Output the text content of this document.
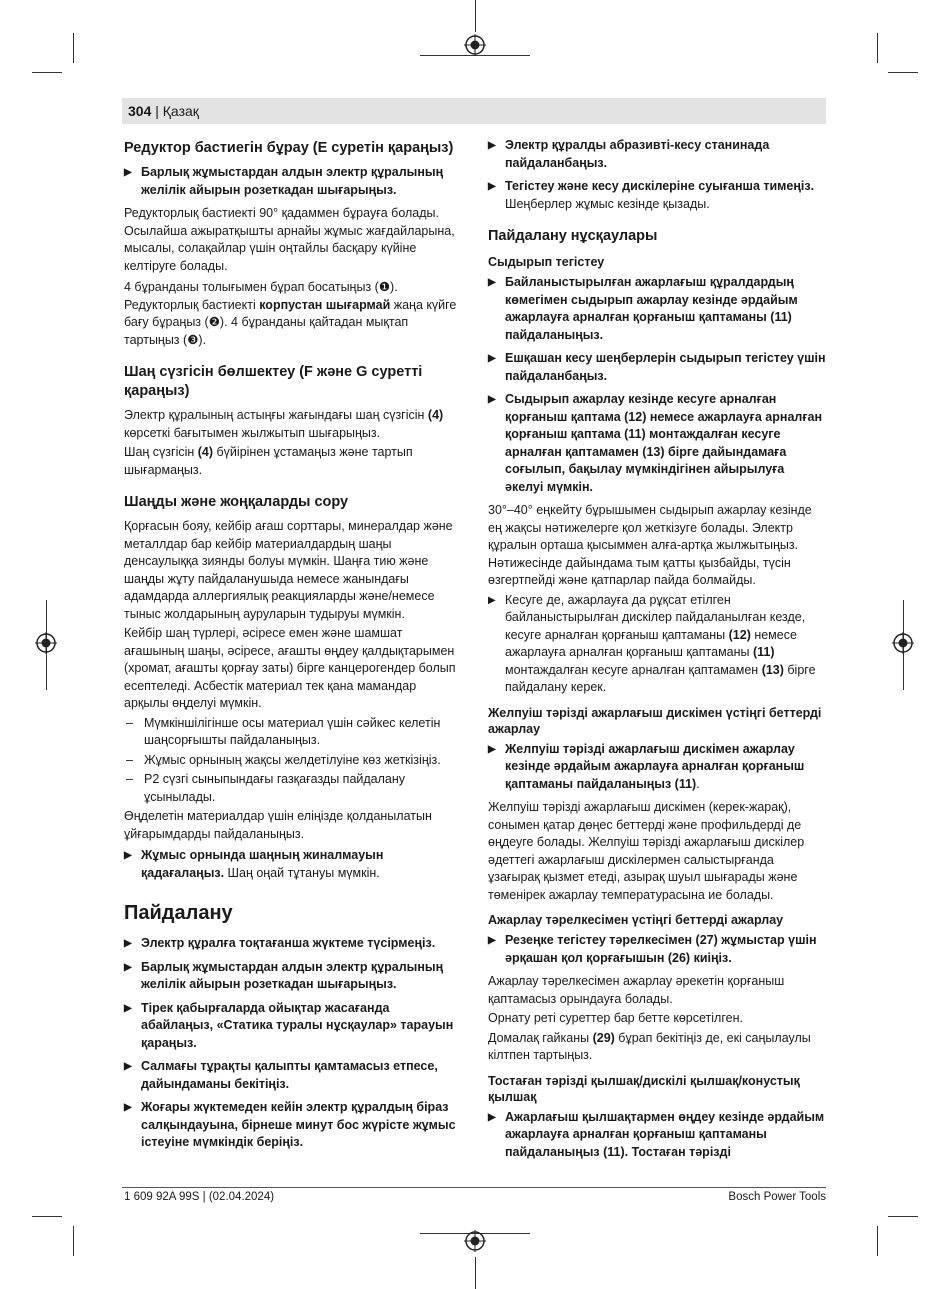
304 | Қазақ
Редуктор бастиегін бұрау (E суретін қараңыз)
▶ Барлық жұмыстардан алдын электр құралының желілік айырын розеткадан шығарыңыз.
Редукторлық бастиекті 90° қадаммен бұрауға болады. Осылайша ажыратқышты арнайы жұмыс жағдайларына, мысалы, солақайлар үшін оңтайлы басқару күйіне келтіруге болады.
4 бұранданы толығымен бұрап босатыңыз (❶). Редукторлық бастиекті корпустан шығармай жаңа күйге бағу бұраңыз (❷). 4 бұранданы қайтадан мықтап тартыңыз (❸).
Шаң сүзгісін бөлшектеу (F және G суретті қараңыз)
Электр құралының астыңғы жағындағы шаң сүзгісін (4) көрсеткі бағытымен жылжытып шығарыңыз.
Шаң сүзгісін (4) бүйірінен ұстамаңыз және тартып шығармаңыз.
Шаңды және жоңқаларды сору
Қорғасын бояу, кейбір ағаш сорттары, минералдар және металлдар бар кейбір материалдардың шаңы денсаулыққа зиянды болуы мүмкін. Шаңға тию және шаңды жұту пайдаланушыда немесе жанындағы адамдарда аллергиялық реакцияларды және/немесе тыныс жолдарының ауруларын тудыруы мүмкін.
Кейбір шаң түрлері, әсіресе емен және шамшат ағашының шаңы, әсіресе, ағашты өңдеу қалдықтарымен (хромат, ағашты қорғау заты) бірге канцерогендер болып есептеледі. Асбестік материал тек қана мамандар арқылы өңделуі мүмкін.
– Мүмкіншілігінше осы материал үшін сәйкес келетін шаңсорғышты пайдаланыңыз.
– Жұмыс орнының жақсы желдетілуіне көз жеткізіңіз.
– P2 сүзгі сыныпындағы газқағазды пайдалану ұсынылады.
Өңделетін материалдар үшін еліңізде қолданылатын ұйғарымдарды пайдаланыңыз.
▶ Жұмыс орнында шаңның жиналмауын қадағалаңыз. Шаң оңай тұтануы мүмкін.
Пайдалану
▶ Электр құралға тоқтағанша жүктеме түсірмеңіз.
▶ Барлық жұмыстардан алдын электр құралының желілік айырын розеткадан шығарыңыз.
▶ Тірек қабырғаларда ойықтар жасағанда абайлаңыз, «Статика туралы нұсқаулар» тарауын қараңыз.
▶ Салмағы тұрақты қалыпты қамтамасыз етпесе, дайындаманы бекітіңіз.
▶ Жоғары жүктемеден кейін электр құралдың біраз салқындауына, бірнеше минут бос жүрісте жұмыс істеуіне мүмкіндік беріңіз.
▶ Электр құралды абразивті-кесу станинада пайдаланбаңыз.
▶ Тегістеу және кесу дискілеріне суығанша тимеңіз. Шеңберлер жұмыс кезінде қызады.
Пайдалану нұсқаулары
Сыдырып тегістеу
▶ Байланыстырылған ажарлағыш құралдардың көмегімен сыдырып ажарлау кезінде әрдайым ажарлауға арналған қорғаныш қаптаманы (11) пайдаланыңыз.
▶ Ешқашан кесу шеңберлерін сыдырып тегістеу үшін пайдаланбаңыз.
▶ Сыдырып ажарлау кезінде кесуге арналған қорғаныш қаптама (12) немесе ажарлауға арналған қорғаныш қаптама (11) монтаждалған кесуге арналған қаптамамен (13) бірге дайындамаға соғылып, бақылау мүмкіндігінен айырылуға әкелуі мүмкін.
30°–40° еңкейту бұрышымен сыдырып ажарлау кезінде ең жақсы нәтижелерге қол жеткізуге болады. Электр құралын орташа қысыммен алға-артқа жылжытыңыз. Нәтижесінде дайындама тым қатты қызбайды, түсін өзгертпейді және қатпарлар пайда болмайды.
▶ Кесуге де, ажарлауға да рұқсат етілген байланыстырылған дискілер пайдаланылған кезде, кесуге арналған қорғаныш қаптаманы (12) немесе ажарлауға арналған қорғаныш қаптаманы (11) монтаждалған кесуге арналған қаптамамен (13) бірге пайдалану керек.
Желпуіш тәрізді ажарлағыш дискімен үстіңгі беттерді ажарлау
▶ Желпуіш тәрізді ажарлағыш дискімен ажарлау кезінде әрдайым ажарлауға арналған қорғаныш қаптаманы пайдаланыңыз (11).
Желпуіш тәрізді ажарлағыш дискімен (керек-жарақ), сонымен қатар дөңес беттерді және профильдерді де өңдеуге болады. Желпуіш тәрізді ажарлағыш дискілер әдеттегі ажарлағыш дискілермен салыстырғанда ұзағырақ қызмет етеді, азырақ шуыл шығарады және төменірек ажарлау температурасына ие болады.
Ажарлау тәрелкесімен үстіңгі беттерді ажарлау
▶ Резеңке тегістеу тәрелкесімен (27) жұмыстар үшін әрқашан қол қорғағышын (26) киіңіз.
Ажарлау тәрелкесімен ажарлау әрекетін қорғаныш қаптамасыз орындауға болады.
Орнату реті суреттер бар бетте көрсетілген.
Домалақ гайканы (29) бұрап бекітіңіз де, екі саңылаулы кілтпен тартыңыз.
Тостаған тәрізді қылшақ/дискілі қылшақ/конустық қылшақ
▶ Ажарлағыш қылшақтармен өңдеу кезінде әрдайым ажарлауға арналған қорғаныш қаптаманы пайдаланыңыз (11). Тостаған тәрізді
1 609 92A 99S | (02.04.2024)	Bosch Power Tools
